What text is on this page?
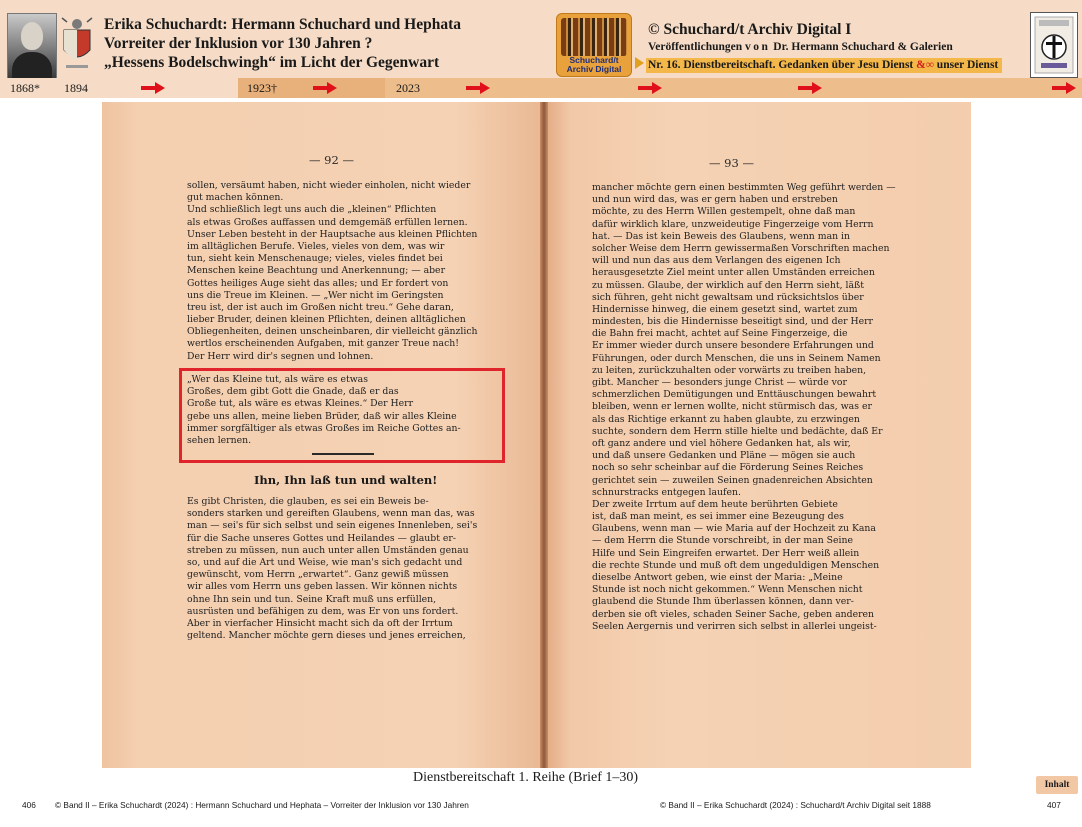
Erika Schuchardt: Hermann Schuchard und Hephata
Vorreiter der Inklusion vor 130 Jahren ?
„Hessens Bodelschwingh“ im Licht der Gegenwart	Schuchard/t
Archiv Digital
© Schuchard/t Archiv Digital I
Veröffentlichungen von Dr. Hermann Schuchard & Galerien
Nr. 16. Dienstbereitschaft. Gedanken über Jesu Dienst &∞ unser Dienst
1868* 1894	1923†	2023
— 92 —	— 93 —
sollen, versäumt haben, nicht wieder einholen, nicht wieder
gut machen können.
Und schließlich legt uns auch die „kleinen“ Pflichten
als etwas Großes auffassen und demgemäß erfüllen lernen.
Unser Leben besteht in der Hauptsache aus kleinen Pflichten
im alltäglichen Berufe. Vieles, vieles von dem, was wir
tun, sieht kein Menschenauge; vieles, vieles findet bei
Menschen keine Beachtung und Anerkennung; — aber
Gottes heiliges Auge sieht das alles; und Er fordert von
uns die Treue im Kleinen. — „Wer nicht im Geringsten
treu ist, der ist auch im Großen nicht treu.“ Gehe daran,
lieber Bruder, deinen kleinen Pflichten, deinen alltäglichen
Obliegenheiten, deinen unscheinbaren, dir vielleicht gänzlich
wertlos erscheinenden Aufgaben, mit ganzer Treue nach!
Der Herr wird dir's segnen und lohnen.
„Wer das Kleine tut, als wäre es etwas
Großes, dem gibt Gott die Gnade, daß er das
Große tut, als wäre es etwas Kleines.“ Der Herr
gebe uns allen, meine lieben Brüder, daß wir alles Kleine
immer sorgfältiger als etwas Großes im Reiche Gottes an-
sehen lernen.
Ihn, Ihn laß tun und walten!
Es gibt Christen, die glauben, es sei ein Beweis be-
sonders starken und gereiften Glaubens, wenn man das, was
man — sei's für sich selbst und sein eigenes Innenleben, sei's
für die Sache unseres Gottes und Heilandes — glaubt er-
streben zu müssen, nun auch unter allen Umständen genau
so, und auf die Art und Weise, wie man's sich gedacht und
gewünscht, vom Herrn „erwartet“. Ganz gewiß müssen
wir alles vom Herrn uns geben lassen. Wir können nichts
ohne Ihn sein und tun. Seine Kraft muß uns erfüllen,
ausrüsten und befähigen zu dem, was Er von uns fordert.
Aber in vierfacher Hinsicht macht sich da oft der Irrtum
geltend. Mancher möchte gern dieses und jenes erreichen,
mancher möchte gern einen bestimmten Weg geführt werden —
und nun wird das, was er gern haben und erstreben
möchte, zu des Herrn Willen gestempelt, ohne daß man
dafür wirklich klare, unzweideutige Fingerzeige vom Herrn
hat. — Das ist kein Beweis des Glaubens, wenn man in
solcher Weise dem Herrn gewissermaßen Vorschriften machen
will und nun das aus dem Verlangen des eigenen Ich
herausgesetzte Ziel meint unter allen Umständen erreichen
zu müssen. Glaube, der wirklich auf den Herrn sieht, läßt
sich führen, geht nicht gewaltsam und rücksichtslos über
Hindernisse hinweg, die einem gesetzt sind, wartet zum
mindesten, bis die Hindernisse beseitigt sind, und der Herr
die Bahn frei macht, achtet auf Seine Fingerzeige, die
Er immer wieder durch unsere besondere Erfahrungen und
Führungen, oder durch Menschen, die uns in Seinem Namen
zu leiten, zurückzuhalten oder vorwärts zu treiben haben,
gibt. Mancher — besonders junge Christ — würde vor
schmerzlichen Demütigungen und Enttäuschungen bewahrt
bleiben, wenn er lernen wollte, nicht stürmisch das, was er
als das Richtige erkannt zu haben glaubte, zu erzwingen
suchte, sondern dem Herrn stille hielte und bedächte, daß Er
oft ganz andere und viel höhere Gedanken hat, als wir,
und daß unsere Gedanken und Pläne — mögen sie auch
noch so sehr scheinbar auf die Förderung Seines Reiches
gerichtet sein — zuweilen Seinen gnadenreichen Absichten
schnurstracks entgegen laufen.
Der zweite Irrtum auf dem heute berührten Gebiete
ist, daß man meint, es sei immer eine Bezeugung des
Glaubens, wenn man — wie Maria auf der Hochzeit zu Kana
— dem Herrn die Stunde vorschreibt, in der man Seine
Hilfe und Sein Eingreifen erwartet. Der Herr weiß allein
die rechte Stunde und muß oft dem ungeduldigen Menschen
dieselbe Antwort geben, wie einst der Maria: „Meine
Stunde ist noch nicht gekommen.“ Wenn Menschen nicht
glaubend die Stunde Ihm überlassen können, dann ver-
derben sie oft vieles, schaden Seiner Sache, geben anderen
Seelen Aergernis und verirren sich selbst in allerlei ungeist-
Dienstbereitschaft 1. Reihe (Brief 1–30)	Inhalt
406 © Band II – Erika Schuchardt (2024) : Hermann Schuchard und Hephata – Vorreiter der Inklusion vor 130 Jahren	© Band II – Erika Schuchardt (2024) : Schuchard/t Archiv Digital seit 1888	407
